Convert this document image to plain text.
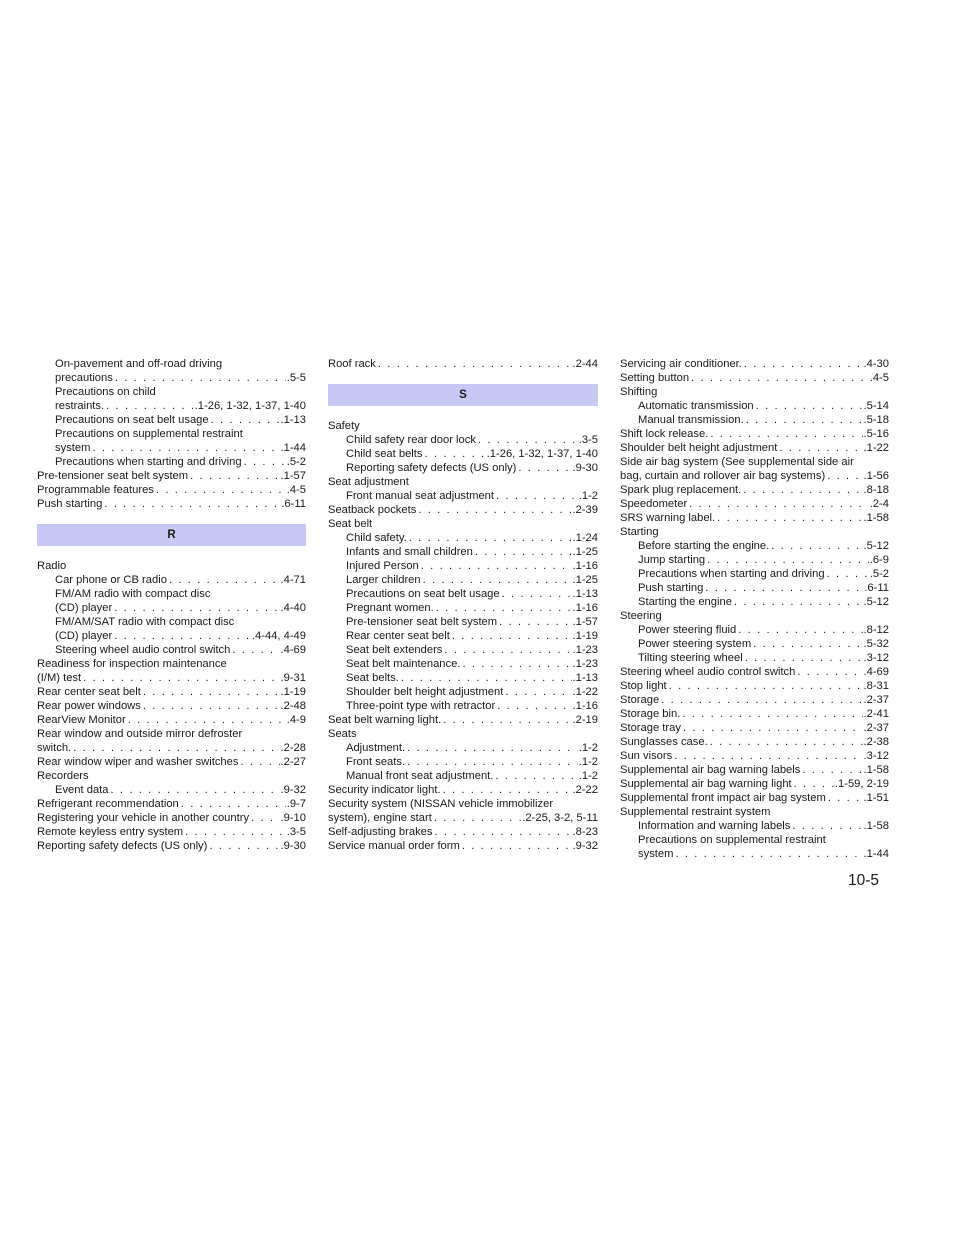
On-pavement and off-road driving
precautions . . .	.5-5
Precautions on child
restraints. . . .	.1-26, 1-32, 1-37, 1-40
Precautions on seat belt usage . . .	.1-13
Precautions on supplemental restraint
system . . .	.1-44
Precautions when starting and driving . . .	.5-2
Pre-tensioner seat belt system . . .	.1-57
Programmable features . . .	.4-5
Push starting . . .	.6-11
R
Radio
Car phone or CB radio . . .	.4-71
FM/AM radio with compact disc
(CD) player . . .	.4-40
FM/AM/SAT radio with compact disc
(CD) player . . .	.4-44, 4-49
Steering wheel audio control switch . . .	.4-69
Readiness for inspection maintenance
(I/M) test . . .	.9-31
Rear center seat belt . . .	.1-19
Rear power windows . . .	.2-48
RearView Monitor . . .	.4-9
Rear window and outside mirror defroster
switch. . . .	.2-28
Rear window wiper and washer switches . . .	.2-27
Recorders
Event data . . .	.9-32
Refrigerant recommendation . . .	.9-7
Registering your vehicle in another country . . .	.9-10
Remote keyless entry system . . .	.3-5
Reporting safety defects (US only) . . .	.9-30
Roof rack . . .	.2-44
S
Safety
Child safety rear door lock . . .	.3-5
Child seat belts . . .	.1-26, 1-32, 1-37, 1-40
Reporting safety defects (US only) . . .	.9-30
Seat adjustment
Front manual seat adjustment . . .	.1-2
Seatback pockets . . .	.2-39
Seat belt
Child safety. . . .	.1-24
Infants and small children . . .	.1-25
Injured Person . . .	.1-16
Larger children . . .	.1-25
Precautions on seat belt usage . . .	.1-13
Pregnant women. . . .	.1-16
Pre-tensioner seat belt system . . .	.1-57
Rear center seat belt . . .	.1-19
Seat belt extenders . . .	.1-23
Seat belt maintenance. . . .	.1-23
Seat belts. . . .	.1-13
Shoulder belt height adjustment . . .	.1-22
Three-point type with retractor . . .	.1-16
Seat belt warning light. . . .	.2-19
Seats
Adjustment. . . .	.1-2
Front seats. . . .	.1-2
Manual front seat adjustment. . . .	.1-2
Security indicator light. . . .	.2-22
Security system (NISSAN vehicle immobilizer
system), engine start . . .	.2-25, 3-2, 5-11
Self-adjusting brakes . . .	.8-23
Service manual order form . . .	.9-32
Servicing air conditioner. . . .	.4-30
Setting button . . .	.4-5
Shifting
Automatic transmission . . .	.5-14
Manual transmission. . . .	.5-18
Shift lock release. . . .	.5-16
Shoulder belt height adjustment . . .	.1-22
Side air bag system (See supplemental side air
bag, curtain and rollover air bag systems) . . .	.1-56
Spark plug replacement. . . .	.8-18
Speedometer . . .	.2-4
SRS warning label. . . .	.1-58
Starting
Before starting the engine. . . .	.5-12
Jump starting . . .	.6-9
Precautions when starting and driving . . .	.5-2
Push starting . . .	.6-11
Starting the engine . . .	.5-12
Steering
Power steering fluid . . .	.8-12
Power steering system . . .	.5-32
Tilting steering wheel . . .	.3-12
Steering wheel audio control switch . . .	.4-69
Stop light . . .	.8-31
Storage . . .	.2-37
Storage bin. . . .	.2-41
Storage tray . . .	.2-37
Sunglasses case. . . .	.2-38
Sun visors . . .	.3-12
Supplemental air bag warning labels . . .	.1-58
Supplemental air bag warning light . . .	.1-59, 2-19
Supplemental front impact air bag system . . .	.1-51
Supplemental restraint system
Information and warning labels . . .	.1-58
Precautions on supplemental restraint
system . . .	.1-44
10-5
